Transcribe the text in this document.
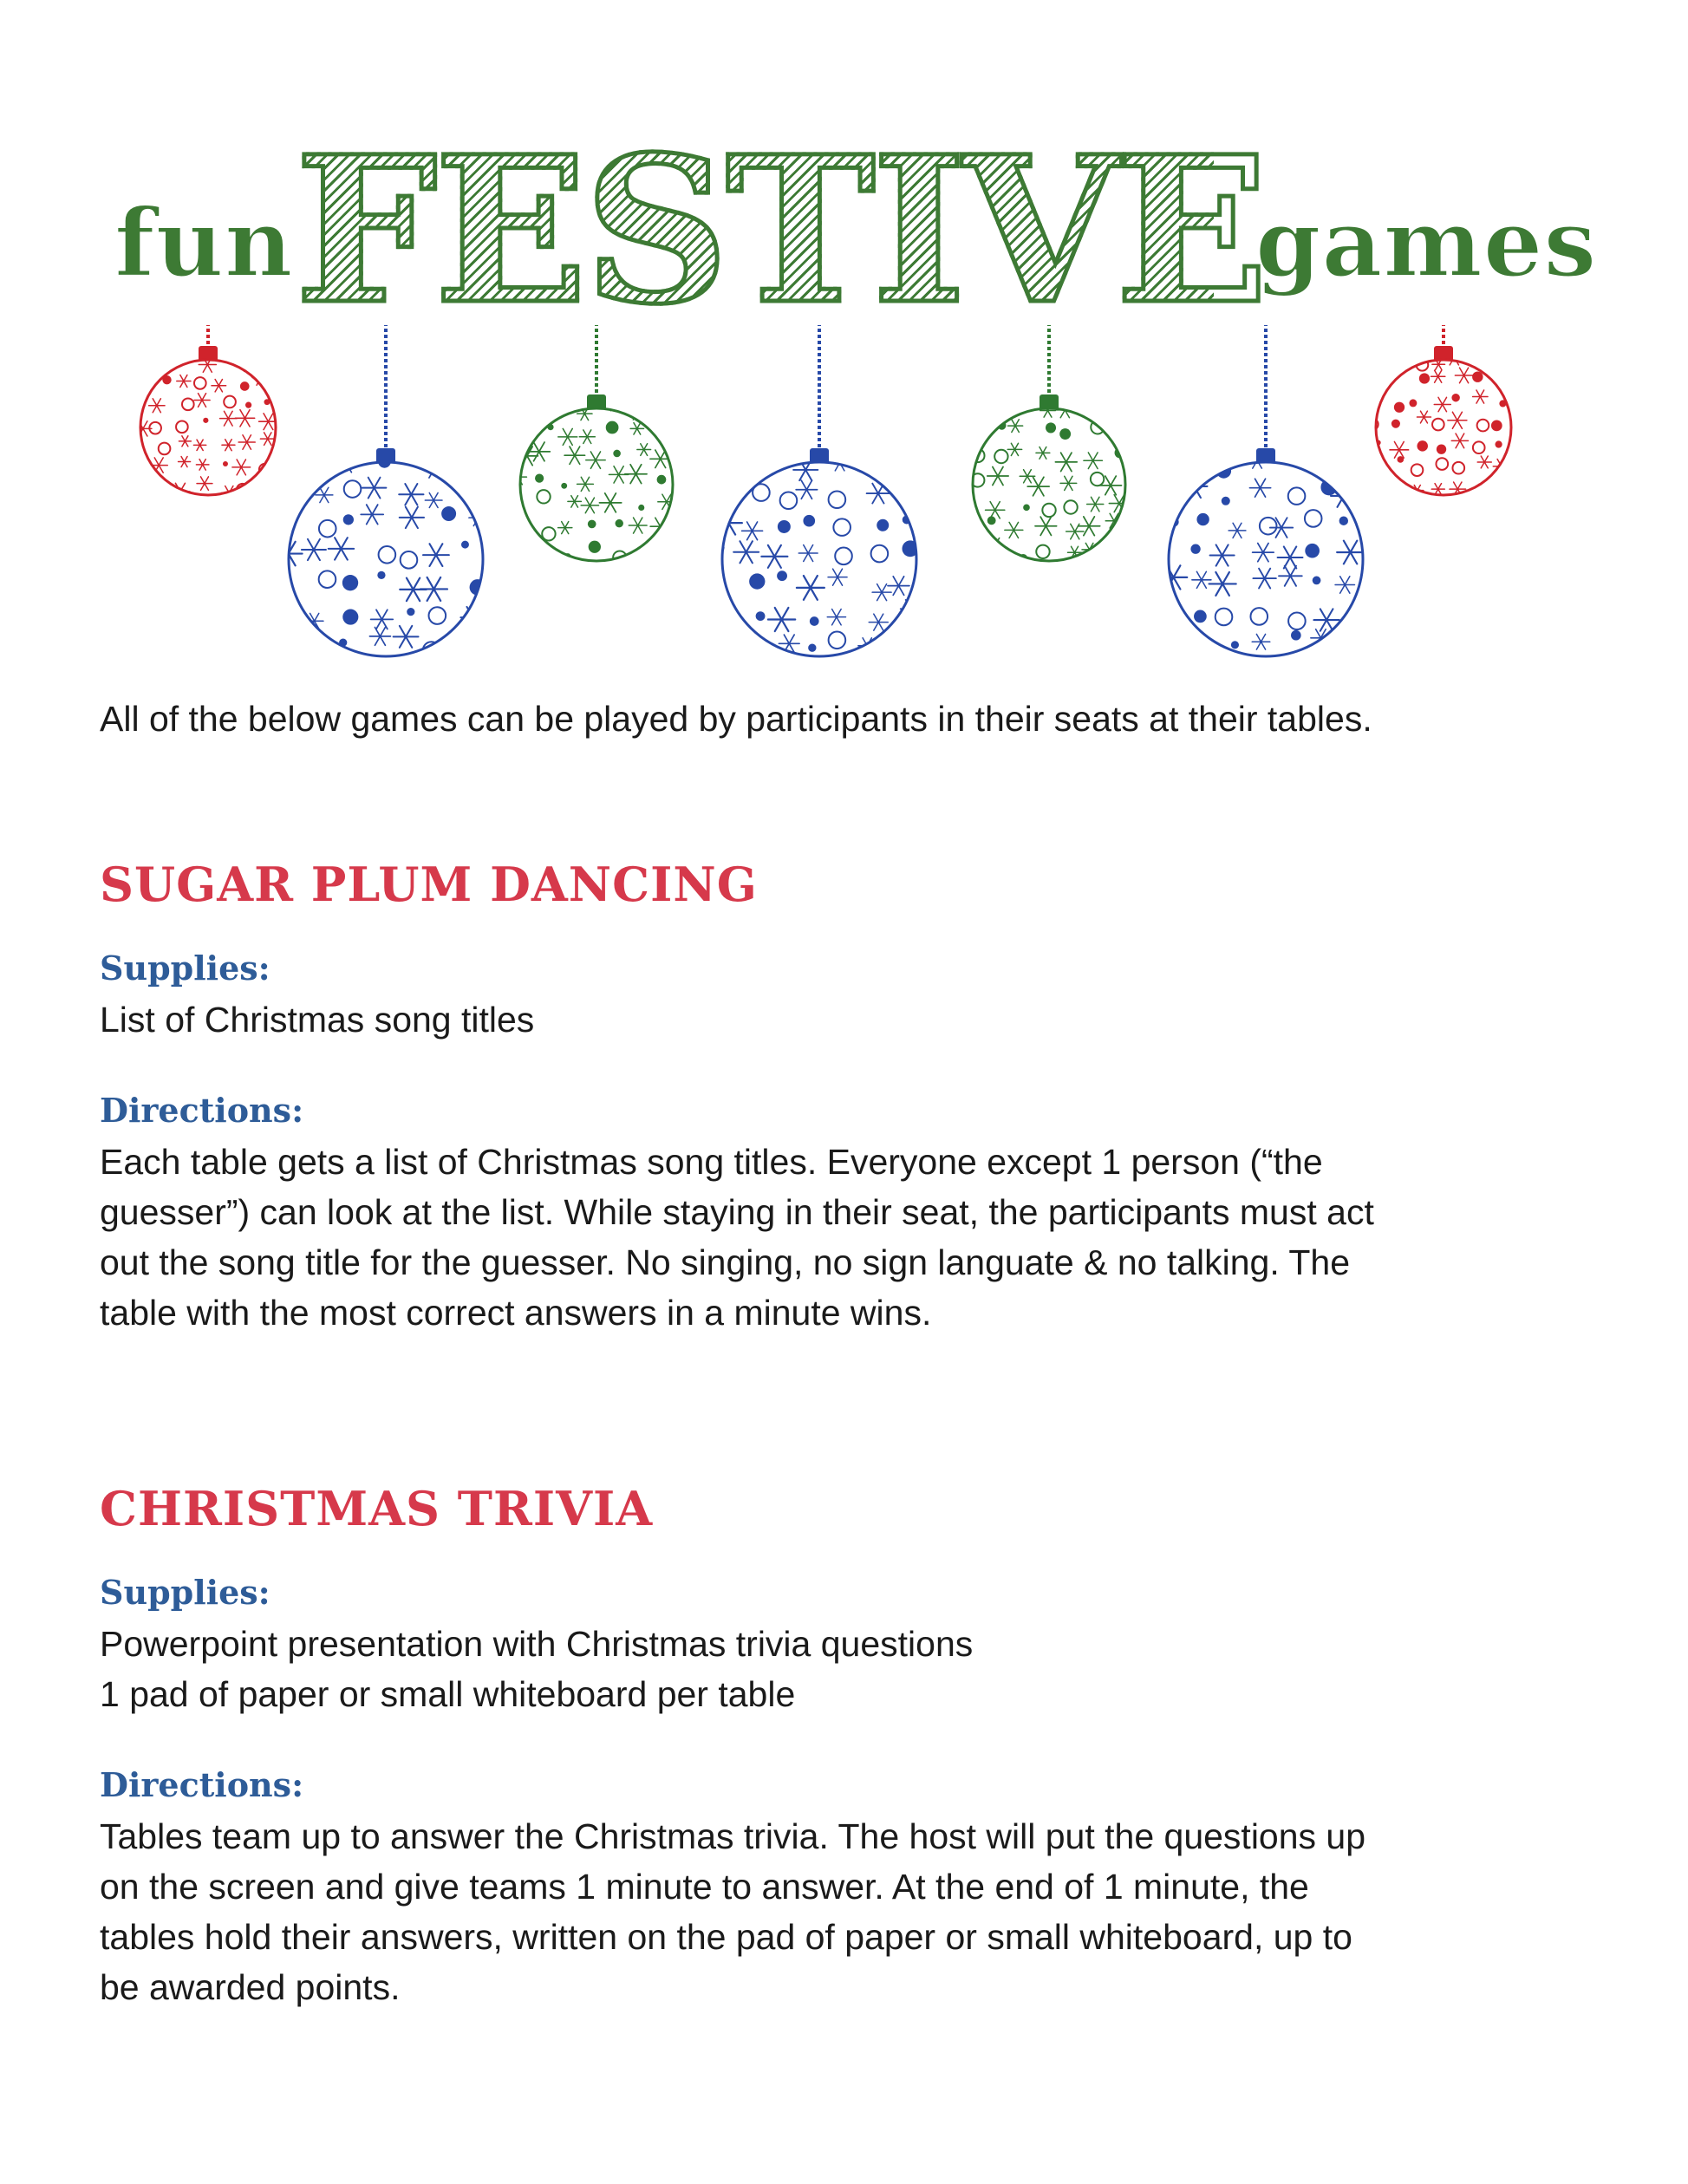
fun FESTIVE
games
All of the below games can be played by participants in their seats at their tables.
SUGAR PLUM DANCING
Supplies:
List of Christmas song titles
Directions:
Each table gets a list of Christmas song titles. Everyone except 1 person (“the
guesser”) can look at the list. While staying in their seat, the participants must act
out the song title for the guesser. No singing, no sign languate & no talking. The
table with the most correct answers in a minute wins.
CHRISTMAS TRIVIA
Supplies:
Powerpoint presentation with Christmas trivia questions
1 pad of paper or small whiteboard per table
Directions:
Tables team up to answer the Christmas trivia. The host will put the questions up
on the screen and give teams 1 minute to answer. At the end of 1 minute, the
tables hold their answers, written on the pad of paper or small whiteboard, up to
be awarded points.
